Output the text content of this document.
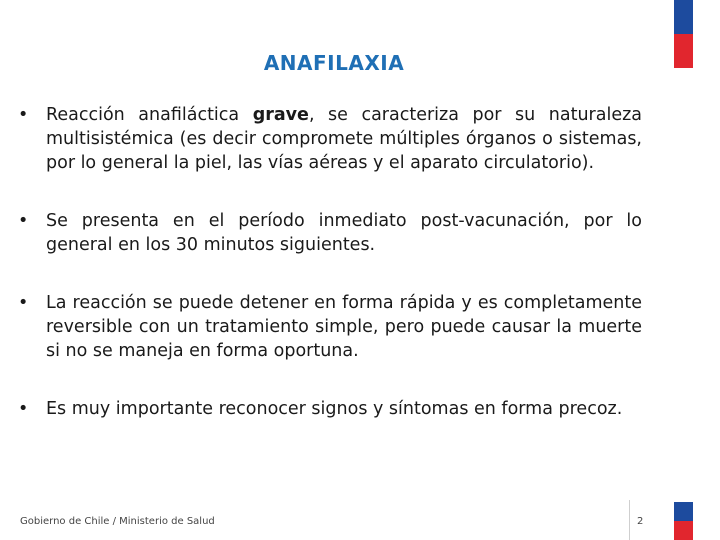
ANAFILAXIA
•	Reacción anafiláctica grave, se caracteriza por su naturaleza multisistémica (es decir compromete múltiples órganos o sistemas, por lo general la piel, las vías aéreas y el aparato circulatorio).
•	Se presenta en el período inmediato post-vacunación, por lo general en los 30 minutos siguientes.
•	La reacción se puede detener en forma rápida y es completamente reversible con un tratamiento simple, pero puede causar la muerte si no se maneja en forma oportuna.
•	Es muy importante reconocer signos y síntomas en forma precoz.
Gobierno de Chile / Ministerio de Salud	2
